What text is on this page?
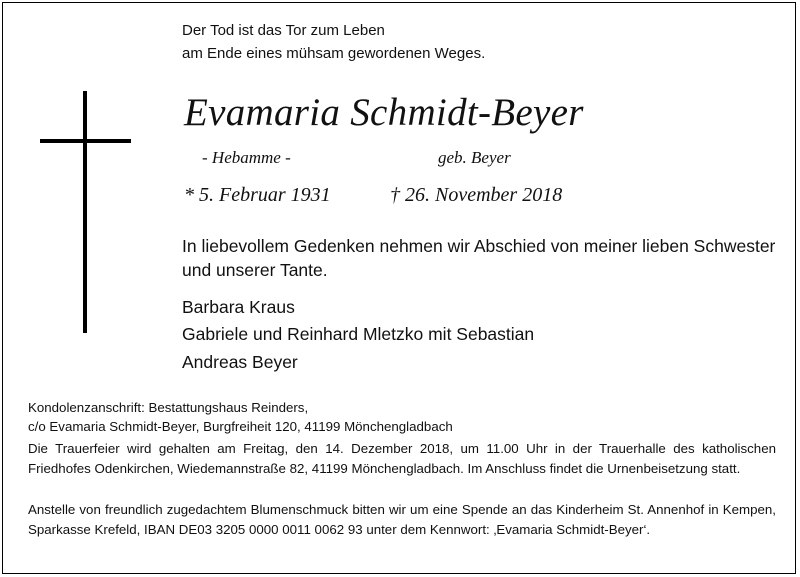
Der Tod ist das Tor zum Leben
am Ende eines mühsam gewordenen Weges.
Evamaria Schmidt-Beyer
- Hebamme -	geb. Beyer
* 5. Februar 1931	† 26. November 2018
In liebevollem Gedenken nehmen wir Abschied von meiner lieben Schwester und unserer Tante.
Barbara Kraus
Gabriele und Reinhard Mletzko mit Sebastian
Andreas Beyer
Kondolenzanschrift: Bestattungshaus Reinders,
c/o Evamaria Schmidt-Beyer, Burgfreiheit 120, 41199 Mönchengladbach
Die Trauerfeier wird gehalten am Freitag, den 14. Dezember 2018, um 11.00 Uhr in der Trauerhalle des katholischen Friedhofes Odenkirchen, Wiedemannstraße 82, 41199 Mönchengladbach. Im Anschluss findet die Urnenbeisetzung statt.
Anstelle von freundlich zugedachtem Blumenschmuck bitten wir um eine Spende an das Kinderheim St. Annenhof in Kempen, Sparkasse Krefeld, IBAN DE03 3205 0000 0011 0062 93 unter dem Kennwort: ‚Evamaria Schmidt-Beyer‘.
